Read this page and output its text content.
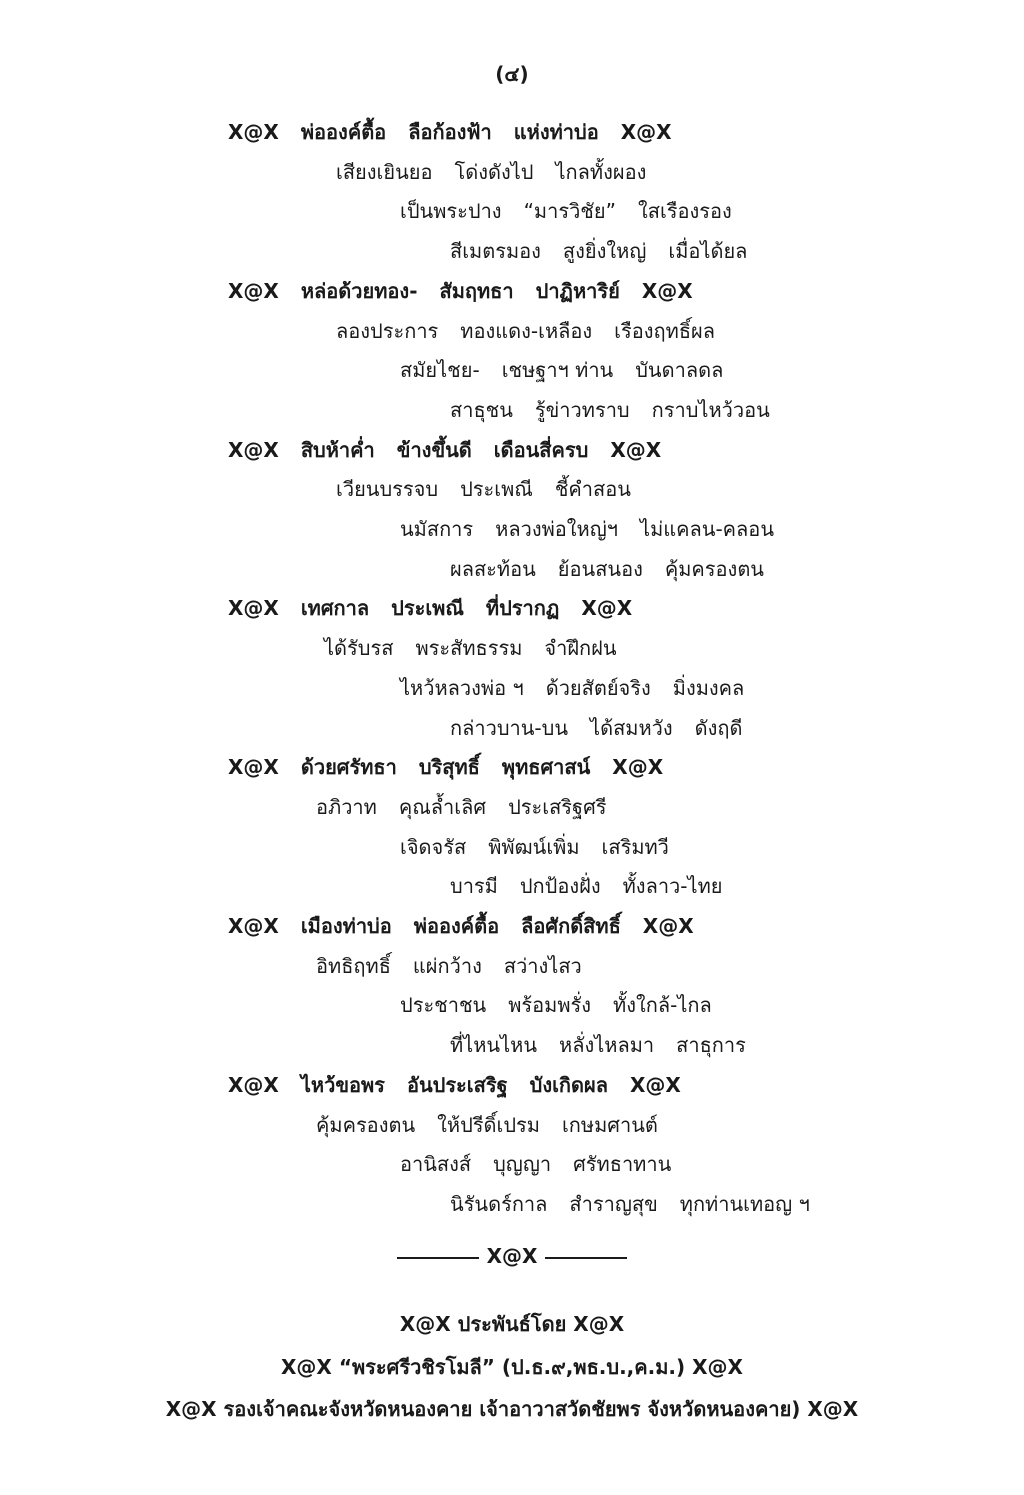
(๔)
X@X พ่อองค์ตื้อ ลือก้องฟ้า แห่งท่าบ่อ X@X
เสียงเยินยอ โด่งดังไป ไกลทั้งผอง
เป็นพระปาง “มารวิชัย” ใสเรืองรอง
สีเมตรมอง สูงยิ่งใหญ่ เมื่อได้ยล
X@X หล่อด้วยทอง- สัมฤทธา ปาฏิหาริย์ X@X
ลองประการ ทองแดง-เหลือง เรืองฤทธิ์ผล
สมัยไชย- เชษฐาฯ ท่าน บันดาลดล
สาธุชน รู้ข่าวทราบ กราบไหว้วอน
X@X สิบห้าค่ำ ข้างขึ้นดี เดือนสี่ครบ X@X
เวียนบรรจบ ประเพณี ชี้คำสอน
นมัสการ หลวงพ่อใหญ่ฯ ไม่แคลน-คลอน
ผลสะท้อน ย้อนสนอง คุ้มครองตน
X@X เทศกาล ประเพณี ที่ปรากฏ X@X
ได้รับรส พระสัทธรรม จำฝึกฝน
ไหว้หลวงพ่อ ฯ ด้วยสัตย์จริง มิ่งมงคล
กล่าวบาน-บน ได้สมหวัง ดังฤดี
X@X ด้วยศรัทธา บริสุทธิ์ พุทธศาสน์ X@X
อภิวาท คุณล้ำเลิศ ประเสริฐศรี
เจิดจรัส พิพัฒน์เพิ่ม เสริมทวี
บารมี ปกป้องฝั่ง ทั้งลาว-ไทย
X@X เมืองท่าบ่อ พ่อองค์ตื้อ ลือศักดิ์สิทธิ์ X@X
อิทธิฤทธิ์ แผ่กว้าง สว่างไสว
ประชาชน พร้อมพรั่ง ทั้งใกล้-ไกล
ที่ไหนไหน หลั่งไหลมา สาธุการ
X@X ไหว้ขอพร อันประเสริฐ บังเกิดผล X@X
คุ้มครองตน ให้ปรีดิ์เปรม เกษมศานต์
อานิสงส์ บุญญา ศรัทธาทาน
นิรันดร์กาล สำราญสุข ทุกท่านเทอญ ฯ
X@X
X@X ประพันธ์โดย X@X
X@X “พระศรีวชิรโมลี” (ป.ธ.๙,พธ.บ.,ค.ม.) X@X
X@X รองเจ้าคณะจังหวัดหนองคาย เจ้าอาวาสวัดชัยพร จังหวัดหนองคาย) X@X
